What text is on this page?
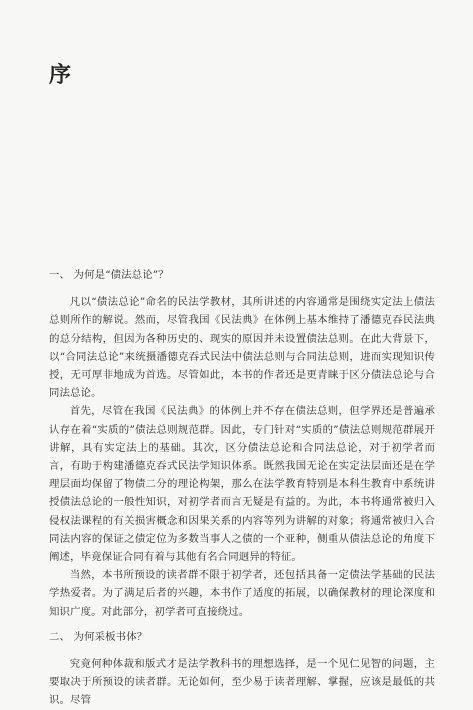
序
一、 为何是“债法总论”？

凡以“债法总论”命名的民法学教材，其所讲述的内容通常是围绕实定法上债法总则所作的解说。然而，尽管我国《民法典》在体例上基本维持了潘德克吞民法典的总分结构，但因为各种历史的、现实的原因并未设置债法总则。在此大背景下，以“合同法总论”来统摄潘德克吞式民法中债法总则与合同法总则，进而实现知识传授，无可厚非地成为首选。尽管如此，本书的作者还是更青睐于区分债法总论与合同法总论。

首先，尽管在我国《民法典》的体例上并不存在债法总则，但学界还是普遍承认存在着“实质的”债法总则规范群。因此，专门针对“实质的”债法总则规范群展开讲解，具有实定法上的基础。其次，区分债法总论和合同法总论，对于初学者而言，有助于构建潘德克吞式民法学知识体系。既然我国无论在实定法层面还是在学理层面均保留了物债二分的理论构架，那么在法学教育特别是本科生教育中系统讲授债法总论的一般性知识，对初学者而言无疑是有益的。为此，本书将通常被归入侵权法课程的有关损害概念和因果关系的内容等列为讲解的对象；将通常被归入合同法内容的保证之债定位为多数当事人之债的一个亚种，侧重从债法总论的角度下阐述，毕竟保证合同有着与其他有名合同迥异的特征。

当然，本书所预设的读者群不限于初学者，还包括具备一定债法学基础的民法学热爱者。为了满足后者的兴趣，本书作了适度的拓展，以确保教材的理论深度和知识广度。对此部分，初学者可直接绕过。

二、 为何采板书体？

究竟何种体裁和版式才是法学教科书的理想选择，是一个见仁见智的问题，主要取决于所预设的读者群。无论如何，至少易于读者理解、掌握，应该是最低的共识。尽管
